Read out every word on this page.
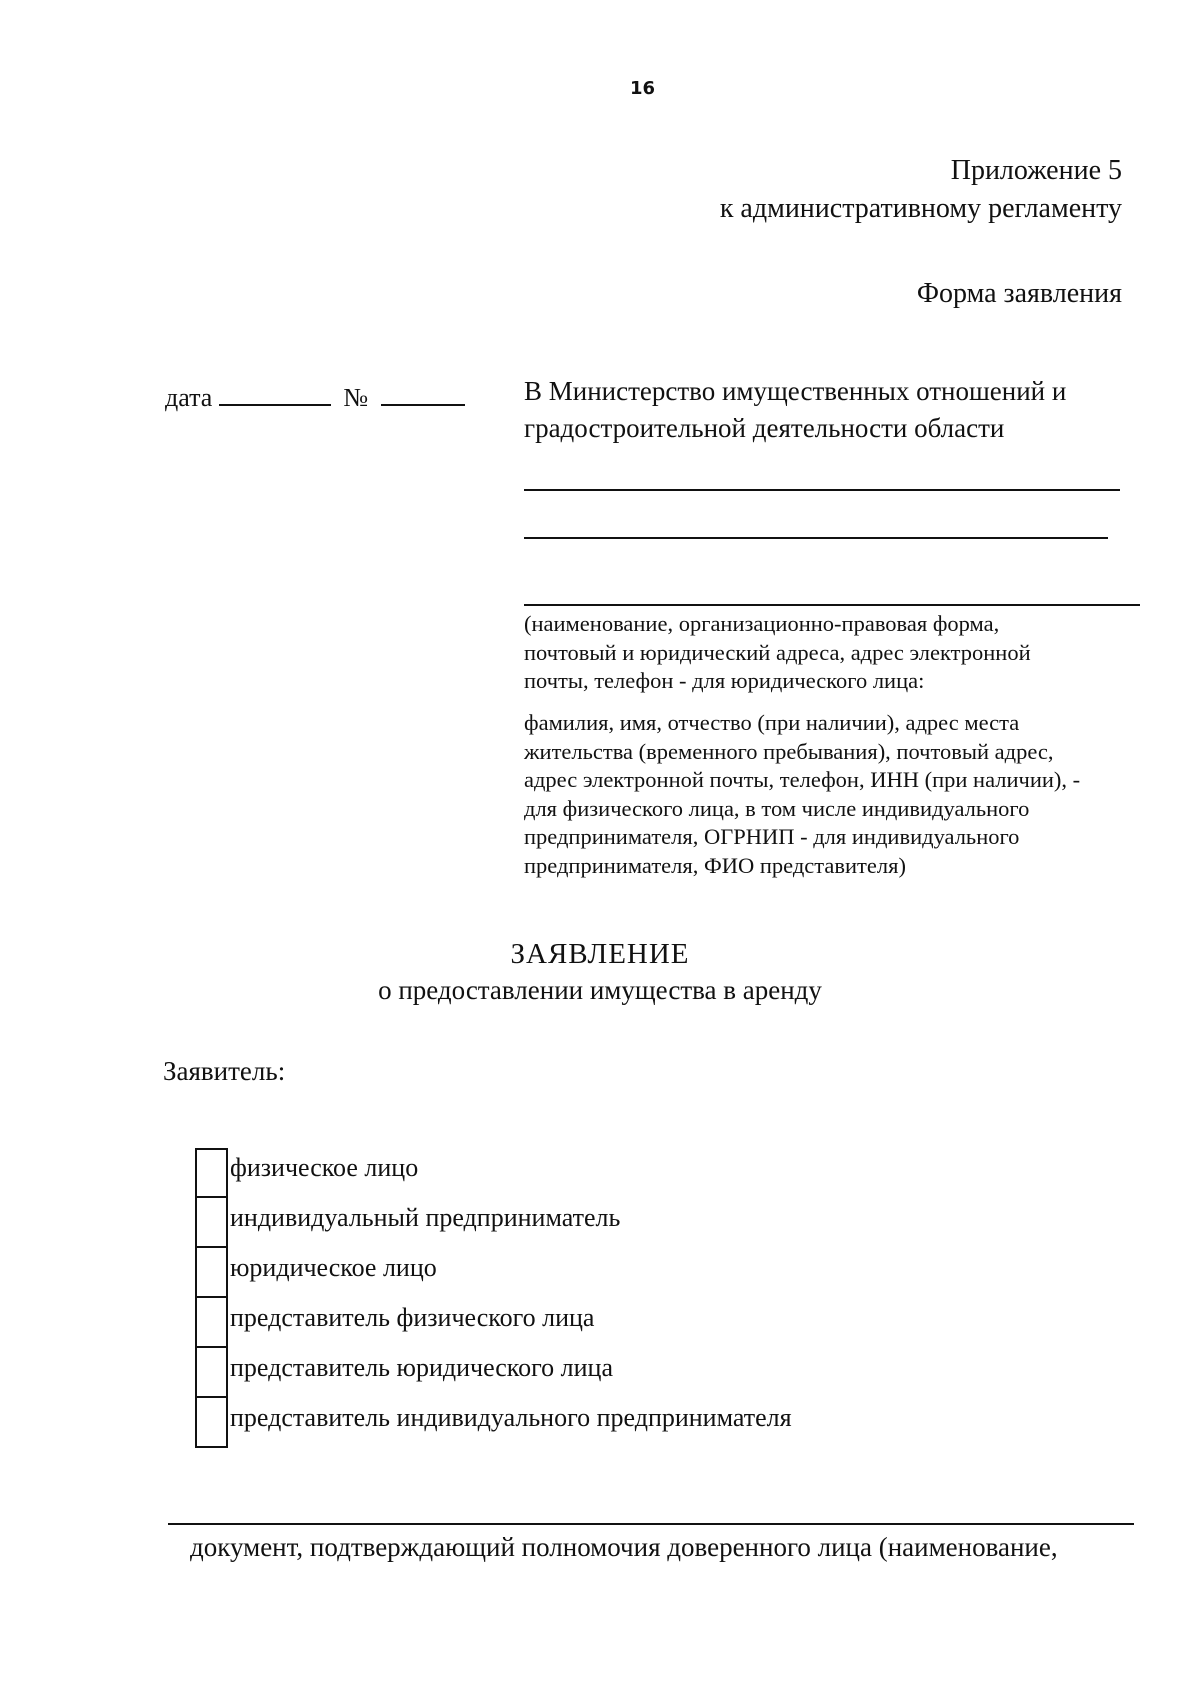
16
Приложение 5
к административному регламенту
Форма заявления
дата	№	В Министерство имущественных отношений и градостроительной деятельности области
(наименование, организационно-правовая форма, почтовый и юридический адреса, адрес электронной почты, телефон - для юридического лица:
фамилия, имя, отчество (при наличии), адрес места жительства (временного пребывания), почтовый адрес, адрес электронной почты, телефон, ИНН (при наличии), - для физического лица, в том числе индивидуального предпринимателя, ОГРНИП - для индивидуального предпринимателя, ФИО представителя)
ЗАЯВЛЕНИЕ
о предоставлении имущества в аренду
Заявитель:
физическое лицо
индивидуальный предприниматель
юридическое лицо
представитель физического лица
представитель юридического лица
представитель индивидуального предпринимателя
документ, подтверждающий полномочия доверенного лица (наименование,
